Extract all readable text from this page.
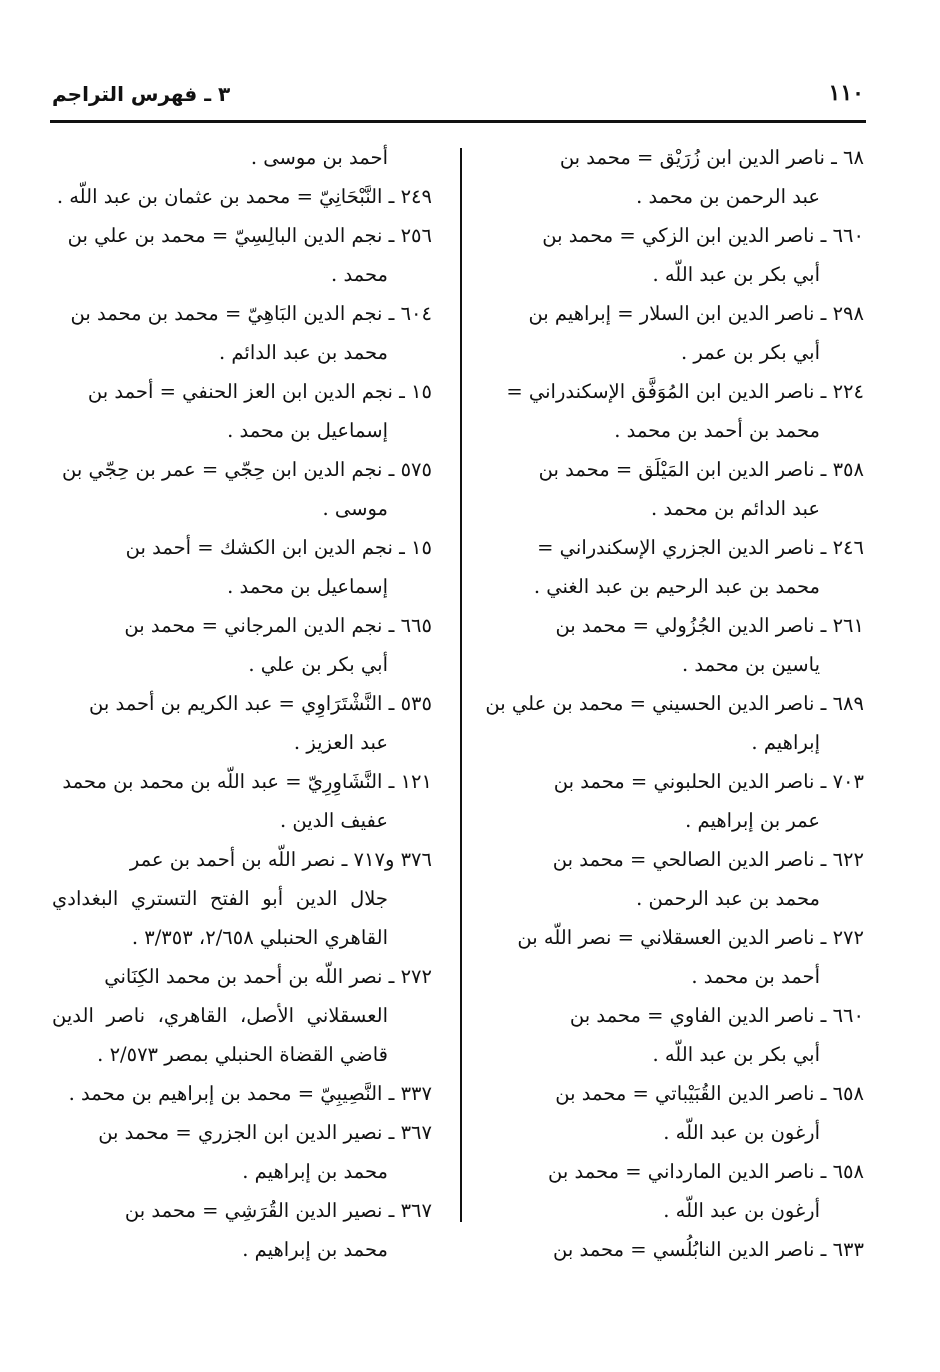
١١٠
٣ ـ فهرس التراجم

٦٨ ـ ناصر الدين ابن زُرَيْق = محمد بن
عبد الرحمن بن محمد .

٦٦٠ ـ ناصر الدين ابن الزكي = محمد بن
أبي بكر بن عبد اللّه .

٢٩٨ ـ ناصر الدين ابن السلار = إبراهيم بن
أبي بكر بن عمر .

٢٢٤ ـ ناصر الدين ابن المُوَفَّق الإسكندراني =
محمد بن أحمد بن محمد .

٣٥٨ ـ ناصر الدين ابن المَيْلَق = محمد بن
عبد الدائم بن محمد .

٢٤٦ ـ ناصر الدين الجزري الإسكندراني =
محمد بن عبد الرحيم بن عبد الغني .

٢٦١ ـ ناصر الدين الجُزُولي = محمد بن
ياسين بن محمد .

٦٨٩ ـ ناصر الدين الحسيني = محمد بن علي بن
إبراهيم .

٧٠٣ ـ ناصر الدين الحلبوني = محمد بن
عمر بن إبراهيم .

٦٢٢ ـ ناصر الدين الصالحي = محمد بن
محمد بن عبد الرحمن .

٢٧٢ ـ ناصر الدين العسقلاني = نصر اللّه بن
أحمد بن محمد .

٦٦٠ ـ ناصر الدين الفاوي = محمد بن
أبي بكر بن عبد اللّه .

٦٥٨ ـ ناصر الدين القُبَيْباتي = محمد بن
أرغون بن عبد اللّه .

٦٥٨ ـ ناصر الدين المارداني = محمد بن
أرغون بن عبد اللّه .

٦٣٣ ـ ناصر الدين النابُلُسي = محمد بن

أحمد بن موسى .

٢٤٩ ـ النَّبْحَانِيّ = محمد بن عثمان بن عبد اللّه .

٢٥٦ ـ نجم الدين البالِسِيّ = محمد بن علي بن
محمد .

٦٠٤ ـ نجم الدين البَاهِيّ = محمد بن محمد بن
محمد بن عبد الدائم .

١٥ ـ نجم الدين ابن العز الحنفي = أحمد بن
إسماعيل بن محمد .

٥٧٥ ـ نجم الدين ابن حِجّي = عمر بن حِجّي بن
موسى .

١٥ ـ نجم الدين ابن الكشك = أحمد بن
إسماعيل بن محمد .

٦٦٥ ـ نجم الدين المرجاني = محمد بن
أبي بكر بن علي .

٥٣٥ ـ النَّشْتَرَاوِي = عبد الكريم بن أحمد بن
عبد العزيز .

١٢١ ـ النَّشَاوِرِيّ = عبد اللّه بن محمد بن محمد
عفيف الدين .

٣٧٦ و٧١٧ ـ نصر اللّه بن أحمد بن عمر
جلال الدين أبو الفتح التستري البغدادي القاهري الحنبلي ٢/٦٥٨، ٣/٣٥٣ .

٢٧٢ ـ نصر اللّه بن أحمد بن محمد الكِنَاني
العسقلاني الأصل، القاهري، ناصر الدين قاضي القضاة الحنبلي بمصر ٢/٥٧٣ .

٣٣٧ ـ النَّصِيبِيّ = محمد بن إبراهيم بن محمد .

٣٦٧ ـ نصير الدين ابن الجزري = محمد بن
محمد بن إبراهيم .

٣٦٧ ـ نصير الدين القُرَشِي = محمد بن
محمد بن إبراهيم .
